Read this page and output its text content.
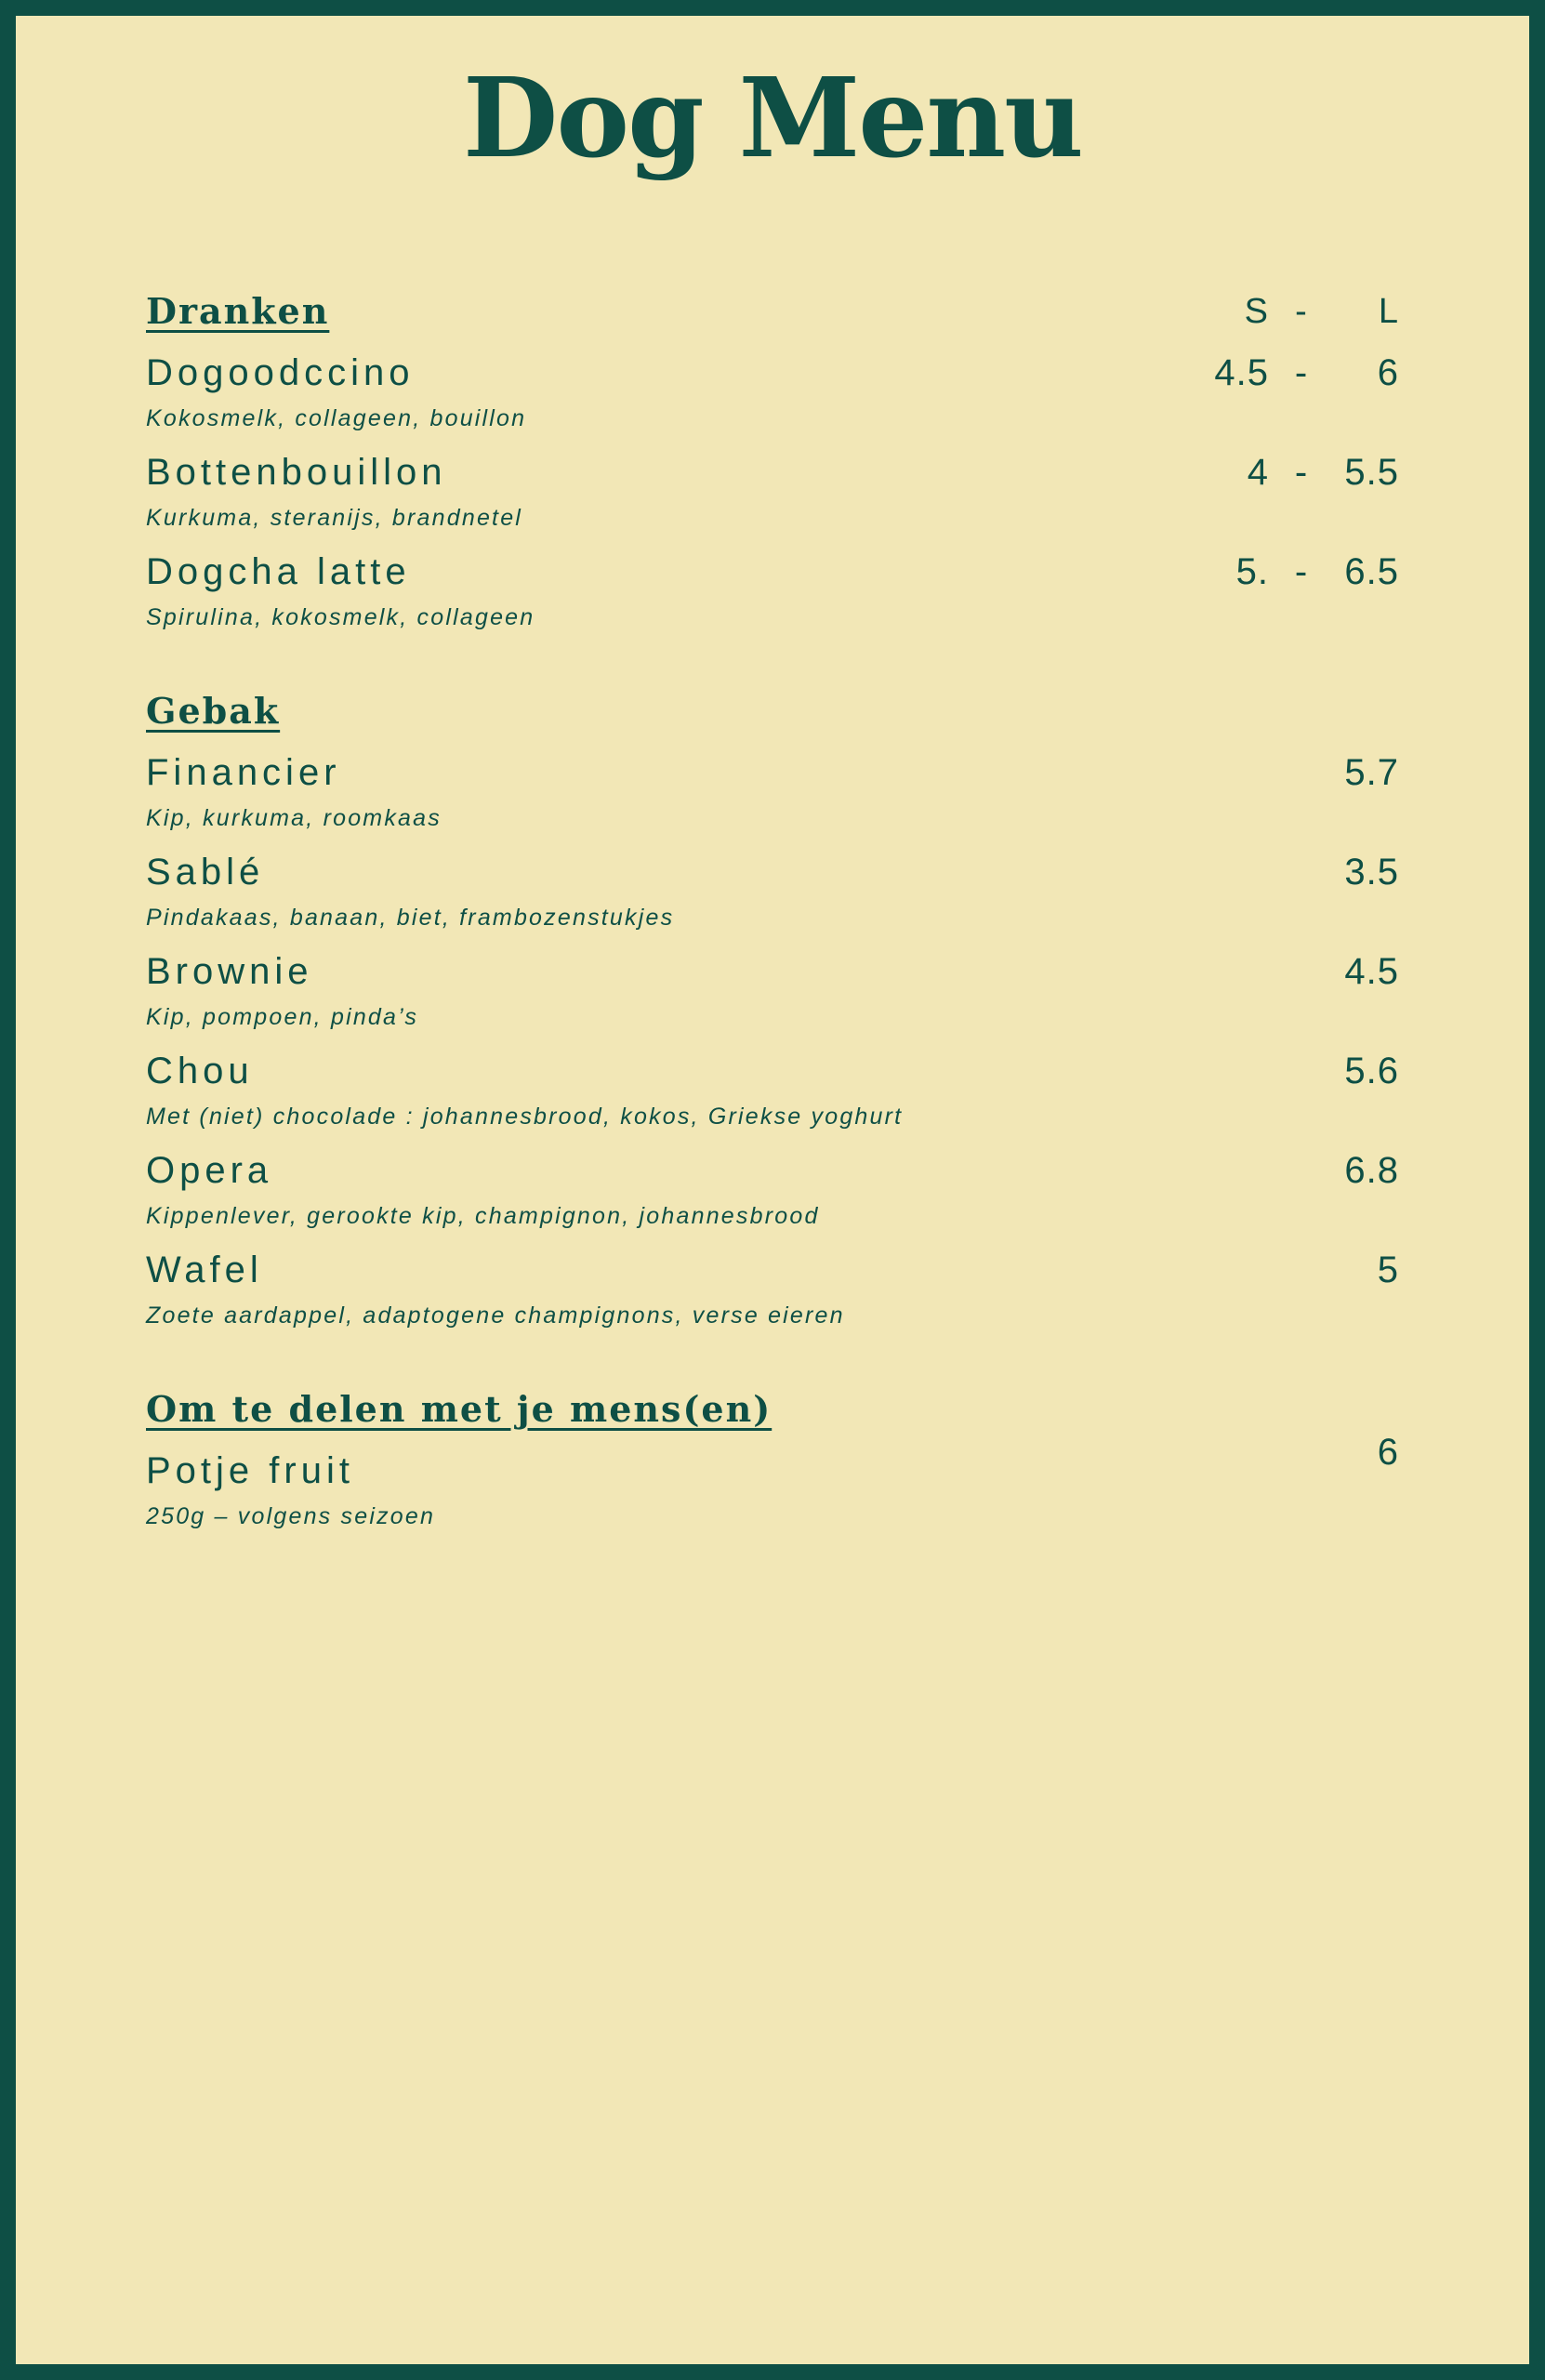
Dog Menu
Dranken	S -	L
Dogoodccino	4.5 -	6
Kokosmelk, collageen, bouillon
Bottenbouillon	4 - 5.5
Kurkuma, steranijs, brandnetel
Dogcha latte	5. - 6.5
Spirulina, kokosmelk, collageen
Gebak
Financier	5.7
Kip, kurkuma, roomkaas
Sablé	3.5
Pindakaas, banaan, biet, frambozenstukjes
Brownie	4.5
Kip, pompoen, pinda’s
Chou	5.6
Met (niet) chocolade : johannesbrood, kokos, Griekse yoghurt
Opera	6.8
Kippenlever, gerookte kip, champignon, johannesbrood
Wafel	5
Zoete aardappel, adaptogene champignons, verse eieren
Om te delen met je mens(en)
Potje fruit	6
250g – volgens seizoen
